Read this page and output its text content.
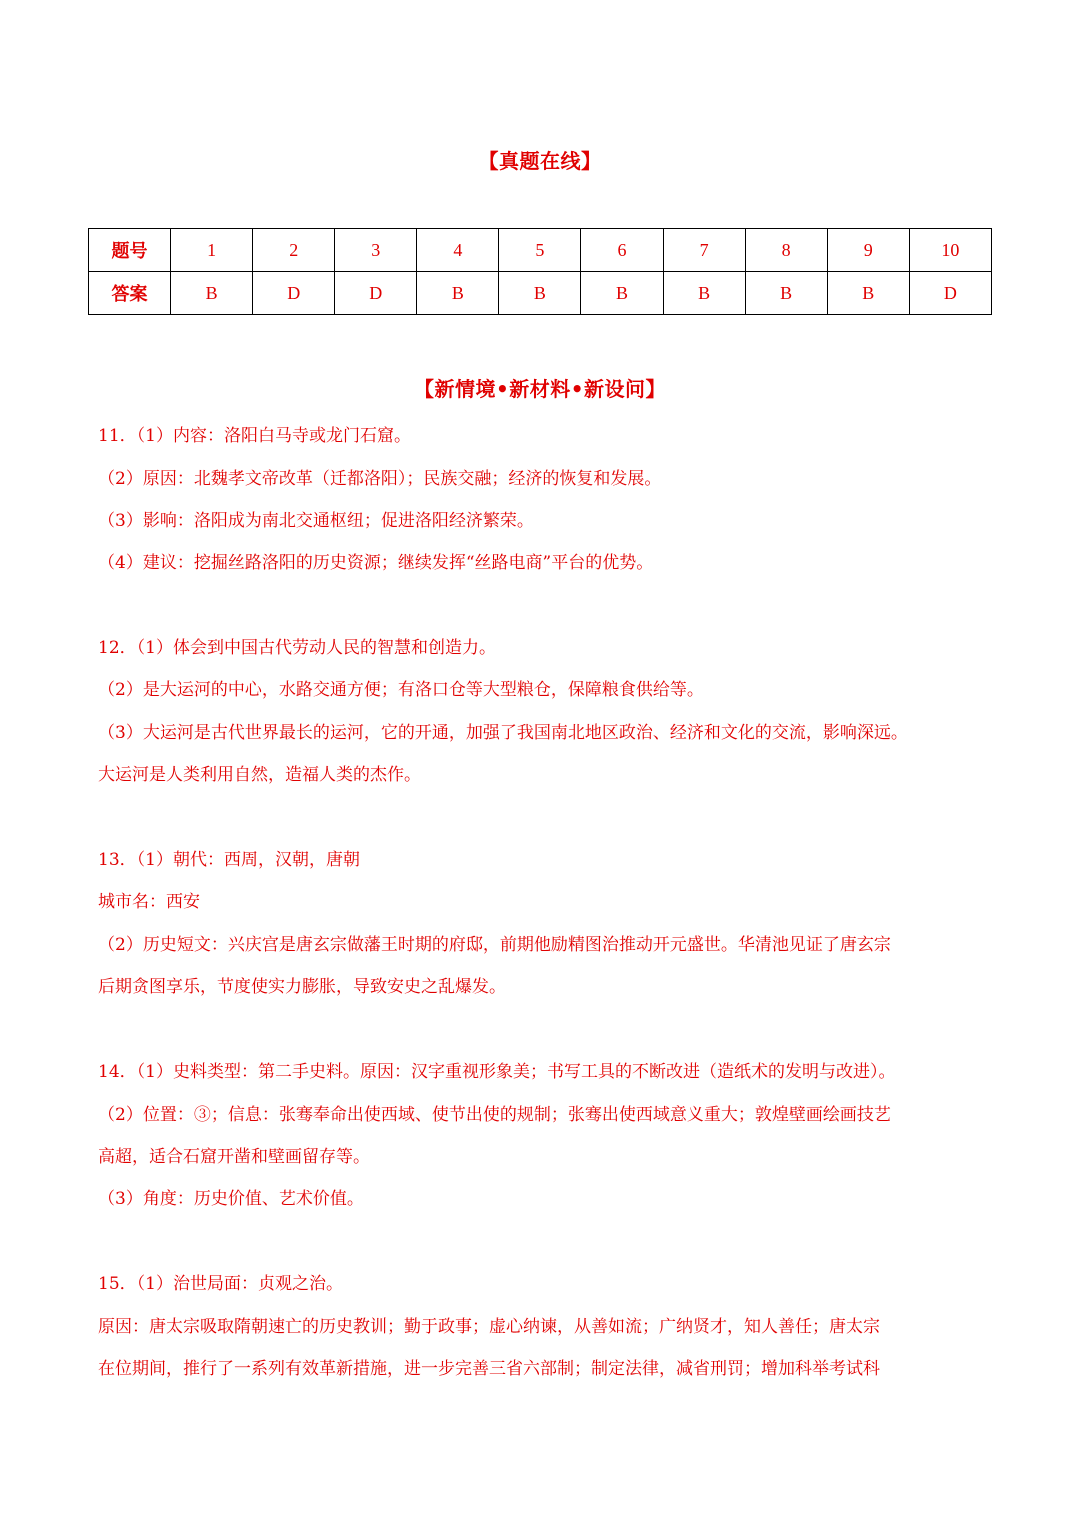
【真题在线】
题号	1	2	3	4	5	6	7	8	9	10
答案	B	D	D	B	B	B	B	B	B	D
【新情境•新材料•新设问】
11．（1）内容：洛阳白马寺或龙门石窟。
（2）原因：北魏孝文帝改革（迁都洛阳）；民族交融；经济的恢复和发展。
（3）影响：洛阳成为南北交通枢纽；促进洛阳经济繁荣。
（4）建议：挖掘丝路洛阳的历史资源；继续发挥“丝路电商”平台的优势。
12．（1）体会到中国古代劳动人民的智慧和创造力。
（2）是大运河的中心，水路交通方便；有洛口仓等大型粮仓，保障粮食供给等。
（3）大运河是古代世界最长的运河，它的开通，加强了我国南北地区政治、经济和文化的交流，影响深远。
大运河是人类利用自然，造福人类的杰作。
13．（1）朝代：西周，汉朝，唐朝
城市名：西安
（2）历史短文：兴庆宫是唐玄宗做藩王时期的府邸，前期他励精图治推动开元盛世。华清池见证了唐玄宗
后期贪图享乐，节度使实力膨胀，导致安史之乱爆发。
14．（1）史料类型：第二手史料。原因：汉字重视形象美；书写工具的不断改进（造纸术的发明与改进）。
（2）位置：③；信息：张骞奉命出使西域、使节出使的规制；张骞出使西域意义重大；敦煌壁画绘画技艺
高超，适合石窟开凿和壁画留存等。
（3）角度：历史价值、艺术价值。
15．（1）治世局面：贞观之治。
原因：唐太宗吸取隋朝速亡的历史教训；勤于政事；虚心纳谏，从善如流；广纳贤才，知人善任；唐太宗
在位期间，推行了一系列有效革新措施，进一步完善三省六部制；制定法律，减省刑罚；增加科举考试科
